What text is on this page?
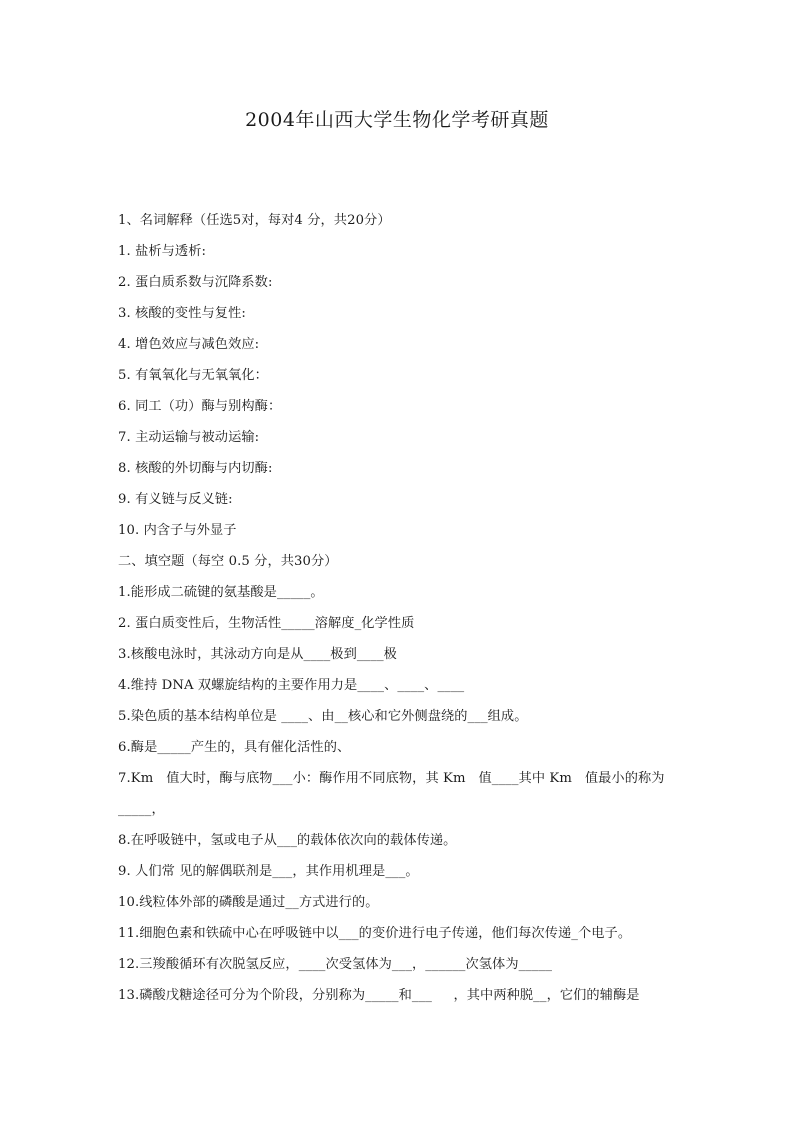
2004年山西大学生物化学考研真题
1、名词解释（任选5对，每对4 分，共20分）
1. 盐析与透析:
2. 蛋白质系数与沉降系数:
3. 核酸的变性与复性:
4. 增色效应与减色效应:
5. 有氧氧化与无氧氧化：
6. 同工（功）酶与别构酶：
7. 主动运输与被动运输:
8. 核酸的外切酶与内切酶:
9. 有义链与反义链:
10. 内含子与外显子
二、填空题（每空 0.5 分，共30分）
1.能形成二硫键的氨基酸是_____。
2. 蛋白质变性后，生物活性_____溶解度_化学性质
3.核酸电泳时，其泳动方向是从____极到____极
4.维持 DNA 双螺旋结构的主要作用力是____、____、____
5.染色质的基本结构单位是 ____、由__核心和它外侧盘绕的___组成。
6.酶是_____产生的，具有催化活性的、
7.Km   值大时，酶与底物___小：酶作用不同底物，其 Km   值____其中 Km   值最小的称为
_____，
8.在呼吸链中，氢或电子从___的载体依次向的载体传递。
9. 人们常 见的解偶联剂是___，其作用机理是___。
10.线粒体外部的磷酸是通过__方式进行的。
11.细胞色素和铁硫中心在呼吸链中以___的变价进行电子传递，他们每次传递_个电子。
12.三羧酸循环有次脱氢反应，____次受氢体为___，______次氢体为_____
13.磷酸戊糖途径可分为个阶段，分别称为_____和___     ，其中两种脱__，它们的辅酶是
